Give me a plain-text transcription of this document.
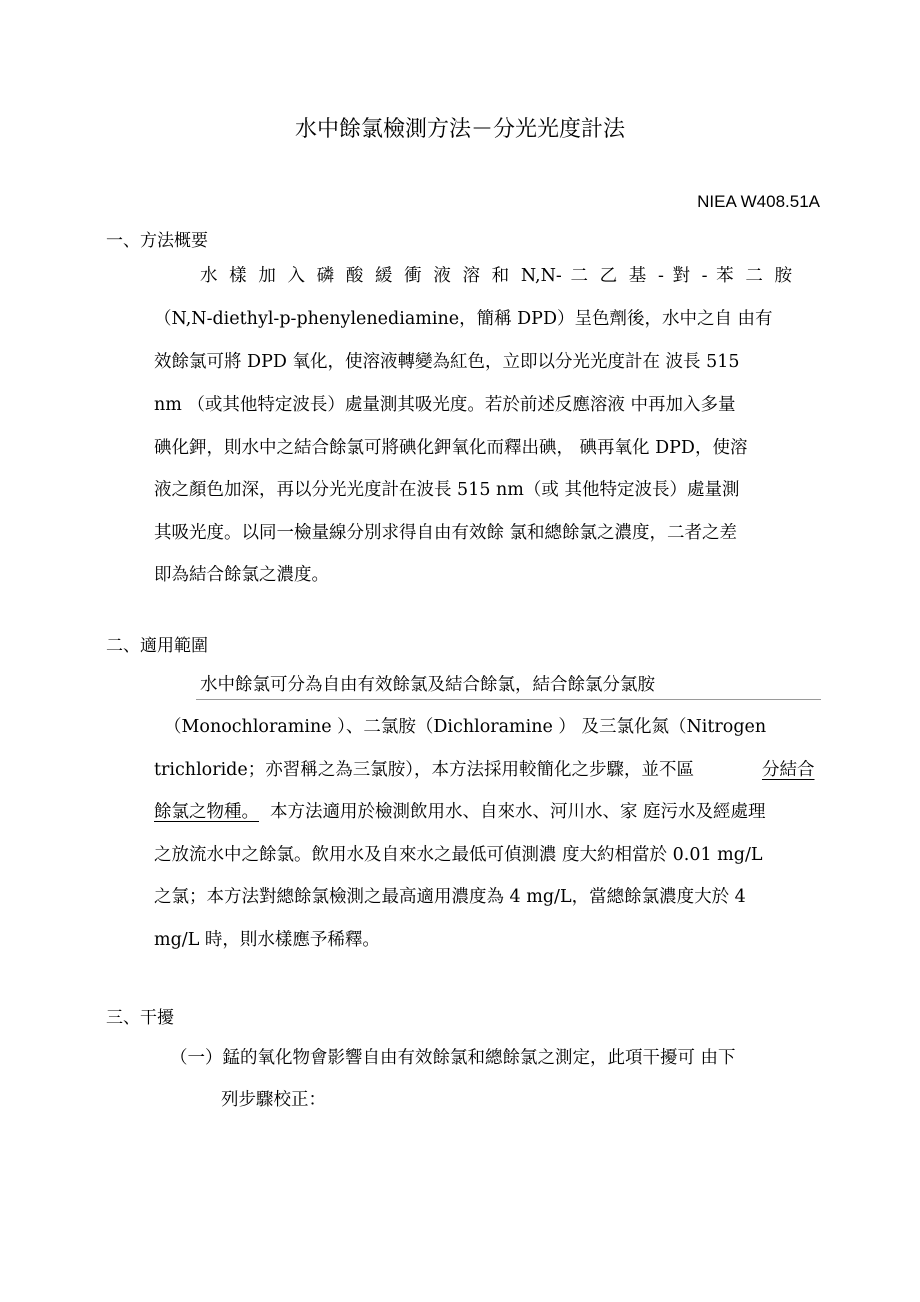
水中餘氯檢測方法－分光光度計法
NIEA W408.51A
一、方法概要
水 樣 加 入 磷 酸 緩 衝 液 溶 和 N,N- 二 乙 基 - 對 - 苯 二 胺
（N,N-diethyl-p-phenylenediamine，簡稱 DPD）呈色劑後，水中之自 由有
效餘氯可將 DPD 氧化，使溶液轉變為紅色，立即以分光光度計在 波長 515
nm （或其他特定波長）處量測其吸光度。若於前述反應溶液 中再加入多量
碘化鉀，則水中之結合餘氯可將碘化鉀氧化而釋出碘， 碘再氧化 DPD，使溶
液之顏色加深，再以分光光度計在波長 515 nm（或 其他特定波長）處量測
其吸光度。以同一檢量線分別求得自由有效餘 氯和總餘氯之濃度，二者之差
即為結合餘氯之濃度。
二、適用範圍
水中餘氯可分為自由有效餘氯及結合餘氯，結合餘氯分氯胺
（Monochloramine ）、二氯胺（Dichloramine ） 及三氯化氮（Nitrogen
trichloride；亦習稱之為三氯胺），本方法採用較簡化之步驟，並不區	分結合
餘氯之物種。 本方法適用於檢測飲用水、自來水、河川水、家 庭污水及經處理
之放流水中之餘氯。飲用水及自來水之最低可偵測濃 度大約相當於 0.01 mg/L
之氯；本方法對總餘氯檢測之最高適用濃度為 4 mg/L，當總餘氯濃度大於 4
mg/L 時，則水樣應予稀釋。
三、干擾
（一）錳的氧化物會影響自由有效餘氯和總餘氯之測定，此項干擾可 由下
列步驟校正：
